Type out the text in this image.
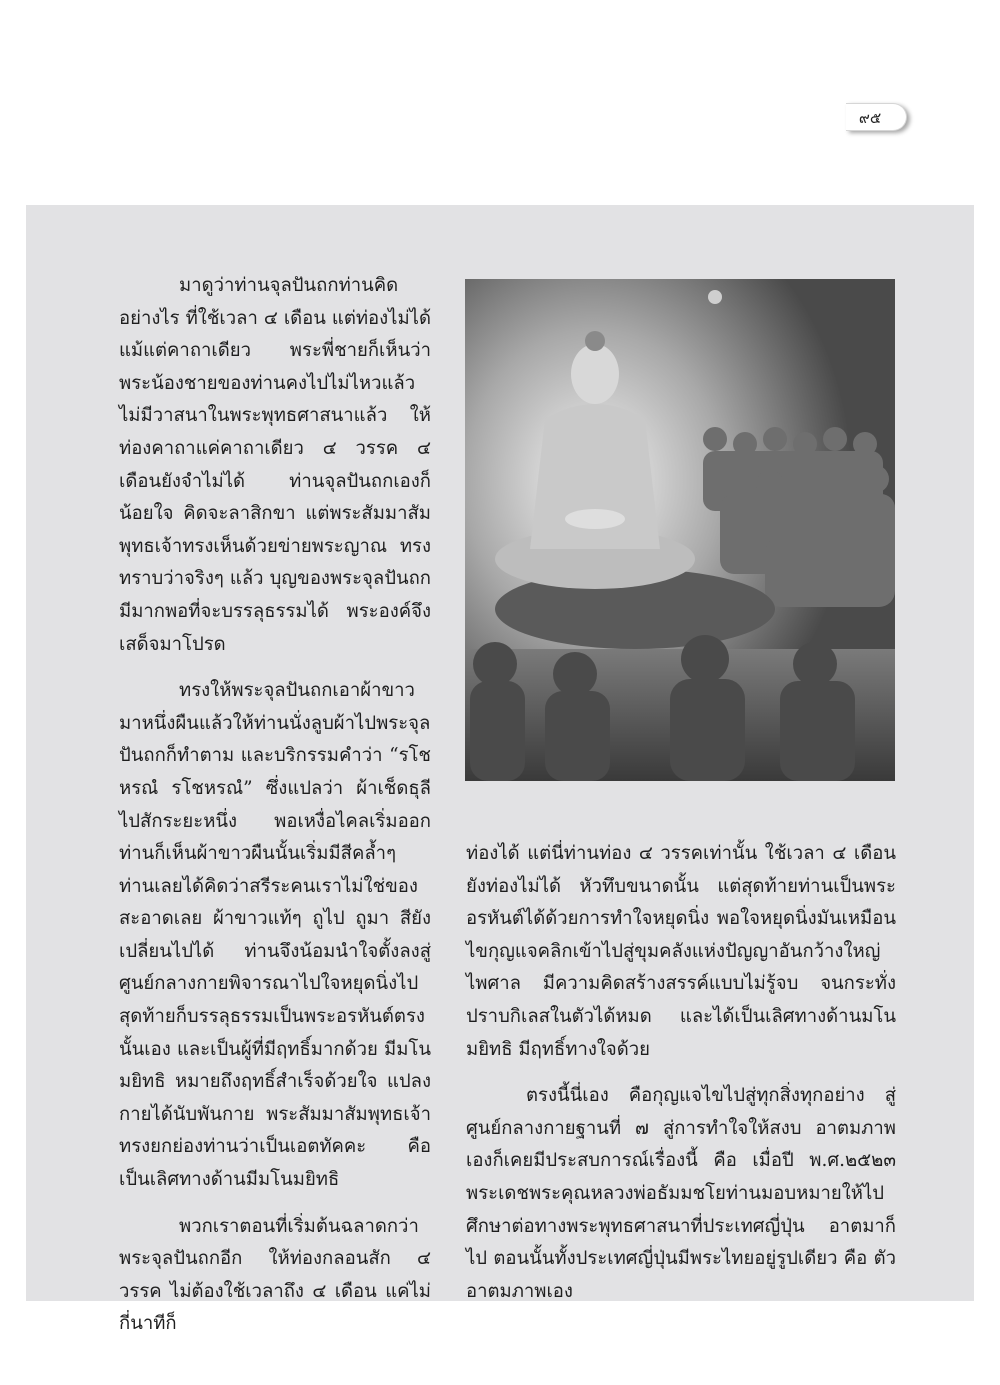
๙๕

มาดูว่าท่านจุลปันถกท่านคิดอย่างไร ที่ใช้เวลา ๔ เดือน แต่ท่องไม่ได้แม้แต่คาถาเดียว พระพี่ชายก็เห็นว่า พระน้องชายของท่านคงไปไม่ไหวแล้ว ไม่มีวาสนาในพระพุทธศาสนาแล้ว ให้ท่องคาถาแค่คาถาเดียว ๔ วรรค ๔ เดือนยังจำไม่ได้ ท่านจุลปันถกเองก็น้อยใจ คิดจะลาสิกขา แต่พระสัมมาสัมพุทธเจ้าทรงเห็นด้วยข่ายพระญาณ ทรงทราบว่าจริงๆ แล้ว บุญของพระจุลปันถกมีมากพอที่จะบรรลุธรรมได้ พระองค์จึงเสด็จมาโปรด

ทรงให้พระจุลปันถกเอาผ้าขาวมาหนึ่งผืนแล้วให้ท่านนั่งลูบผ้าไปพระจุลปันถกก็ทำตาม และบริกรรมคำว่า “รโชหรณํ รโชหรณํ” ซึ่งแปลว่า ผ้าเช็ดธุลี ไปสักระยะหนึ่ง พอเหงื่อไคลเริ่มออกท่านก็เห็นผ้าขาวผืนนั้นเริ่มมีสีคล้ำๆ ท่านเลยได้คิดว่าสรีระคนเราไม่ใช่ของสะอาดเลย ผ้าขาวแท้ๆ ถูไป ถูมา สียังเปลี่ยนไปได้ ท่านจึงน้อมนำใจตั้งลงสู่ศูนย์กลางกายพิจารณาไปใจหยุดนิ่งไป สุดท้ายก็บรรลุธรรมเป็นพระอรหันต์ตรงนั้นเอง และเป็นผู้ที่มีฤทธิ์มากด้วย มีมโนมยิทธิ หมายถึงฤทธิ์สำเร็จด้วยใจ แปลงกายได้นับพันกาย พระสัมมาสัมพุทธเจ้าทรงยกย่องท่านว่าเป็นเอตทัคคะ คือ เป็นเลิศทางด้านมีมโนมยิทธิ

พวกเราตอนที่เริ่มต้นฉลาดกว่าพระจุลปันถกอีก ให้ท่องกลอนสัก ๔ วรรค ไม่ต้องใช้เวลาถึง ๔ เดือน แค่ไม่กี่นาทีก็

ท่องได้ แต่นี่ท่านท่อง ๔ วรรคเท่านั้น ใช้เวลา ๔ เดือนยังท่องไม่ได้ หัวทึบขนาดนั้น แต่สุดท้ายท่านเป็นพระอรหันต์ได้ด้วยการทำใจหยุดนิ่ง พอใจหยุดนิ่งมันเหมือนไขกุญแจคลิกเข้าไปสู่ขุมคลังแห่งปัญญาอันกว้างใหญ่ไพศาล มีความคิดสร้างสรรค์แบบไม่รู้จบ จนกระทั่งปราบกิเลสในตัวได้หมด และได้เป็นเลิศทางด้านมโนมยิทธิ มีฤทธิ์ทางใจด้วย

ตรงนี้นี่เอง คือกุญแจไขไปสู่ทุกสิ่งทุกอย่าง สู่ศูนย์กลางกายฐานที่ ๗ สู่การทำใจให้สงบ อาตมภาพเองก็เคยมีประสบการณ์เรื่องนี้ คือ เมื่อปี พ.ศ.๒๕๒๓ พระเดชพระคุณหลวงพ่อธัมมชโยท่านมอบหมายให้ไปศึกษาต่อทางพระพุทธศาสนาที่ประเทศญี่ปุ่น อาตมาก็ไป ตอนนั้นทั้งประเทศญี่ปุ่นมีพระไทยอยู่รูปเดียว คือ ตัวอาตมภาพเอง
